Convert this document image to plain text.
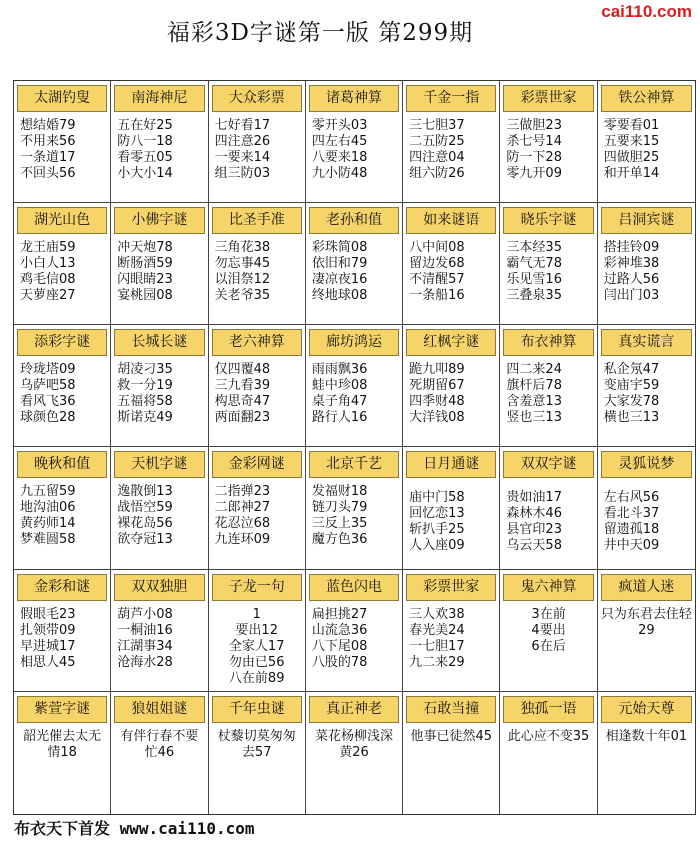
cai110.com
福彩3D字谜第一版 第299期
太湖钓叟
想结婚79
不用来56
一条道17
不回头56
南海神尼
五在好25
防八一18
看零五05
小大小14
大众彩票
七好看17
四注意26
一要来14
组三防03
诸葛神算
零开头03
四左右45
八要来18
九小防48
千金一指
三七胆37
二五防25
四注意04
组六防26
彩票世家
三做胆23
杀七号14
防一下28
零九开09
铁公神算
零要看01
五要来15
四做胆25
和开单14
湖光山色
龙王庙59
小白人13
鸡毛信08
天萝座27
小佛字谜
冲天炮78
断肠酒59
闪眼睛23
宴桃园08
比圣手准
三角花38
勿忘事45
以泪祭12
关老爷35
老孙和值
彩珠简08
依旧和79
凄凉夜16
终地球08
如来谜语
八中间08
留边发68
不清醒57
一条船16
晓乐字谜
三本经35
霸气无78
乐见雪16
三叠泉35
吕洞宾谜
搭挂铃09
彩神堆38
过路人56
闫出门03
添彩字谜
玲珑塔09
乌萨吧58
看风飞36
球颜色28
长城长谜
胡凌刁35
救一分19
五福将58
斯诺克49
老六神算
仅四覆48
三九看39
构思奇47
两面翻23
廊坊鸿运
雨雨飘36
蛙中珍08
桌子角47
路行人16
红枫字谜
跪九叩89
死期留67
四季财48
大洋钱08
布衣神算
四二来24
旗杆后78
含羞意13
竖也三13
真实谎言
私企氖47
变庙宇59
大家发78
横也三13
晚秋和值
九五留59
地沟油06
黄药师14
梦难圆58
天机字谜
逸散倒13
战悟空59
裸花岛56
欲夺冠13
金彩网谜
二指弹23
二郎神27
花忍泣68
九连环09
北京千艺
发福财18
链刀头79
三反上35
魔方色36
日月通谜
庙中门58
回忆恋13
斩扒手25
人入座09
双双字谜
贵如油17
森林木46
县官印23
乌云天58
灵狐说梦
左右风56
看北斗37
留遗孤18
井中天09
金彩和谜
假眼毛23
扎领带09
早进城17
相思人45
双双独胆
葫芦小08
一桐油16
江湖事34
沧海水28
子龙一句
1
要出12
全家人17
勿由已56
八在前89
蓝色闪电
扁担挑27
山流急36
八下尾08
八股的78
彩票世家
三人欢38
春光美24
一七胆17
九二来29
鬼六神算
3在前
4要出
6在后
疯道人迷
只为东君去住轻29
紫萱字谜
韶光催去太无情18
狼姐姐谜
有伴行春不要忙46
千年虫谜
杖藜切莫匆匆去57
真正神老
菜花杨柳浅深黄26
石敢当撞
他事已徒然45
独孤一语
此心应不变35
元始天尊
相逢数十年01
布衣天下首发 www.cai110.com
